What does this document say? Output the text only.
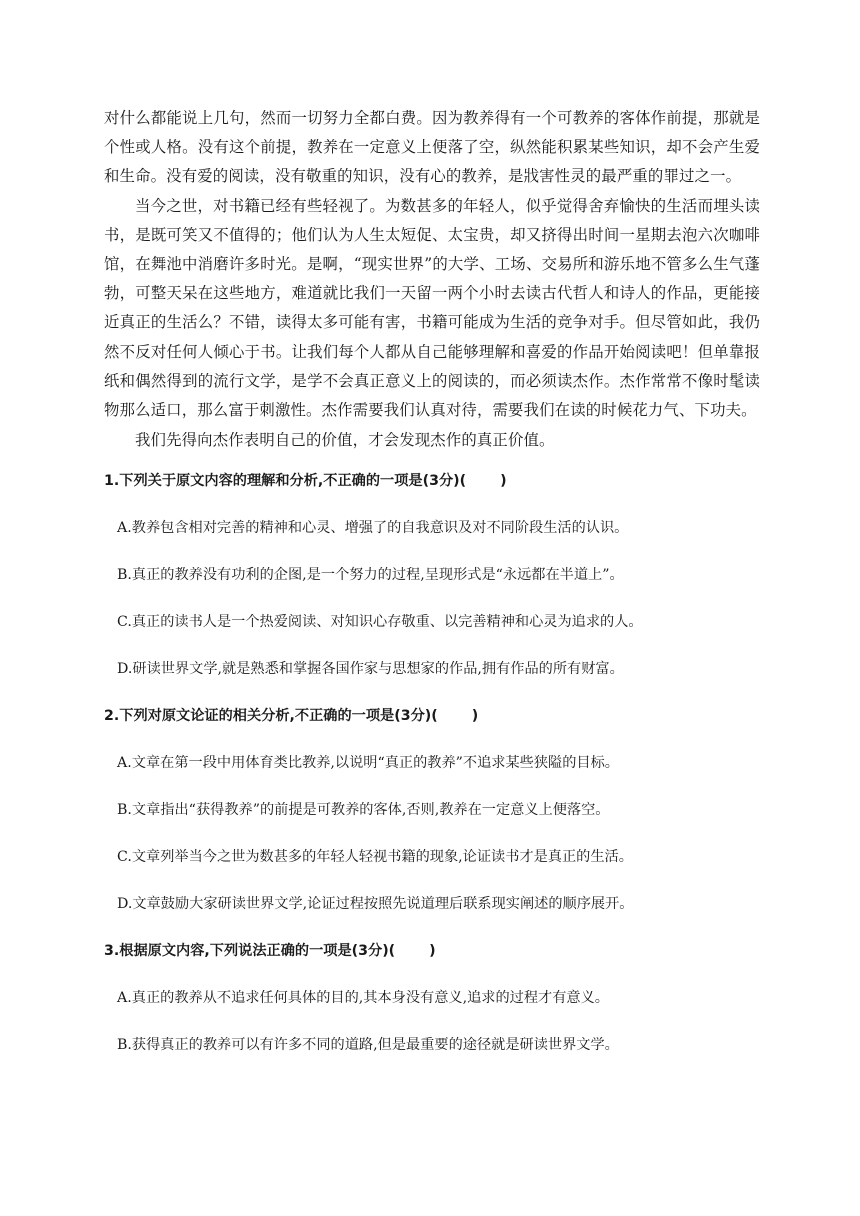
对什么都能说上几句，然而一切努力全都白费。因为教养得有一个可教养的客体作前提，那就是个性或人格。没有这个前提，教养在一定意义上便落了空，纵然能积累某些知识，却不会产生爱和生命。没有爱的阅读，没有敬重的知识，没有心的教养，是戕害性灵的最严重的罪过之一。

当今之世，对书籍已经有些轻视了。为数甚多的年轻人，似乎觉得舍弃愉快的生活而埋头读书，是既可笑又不值得的；他们认为人生太短促、太宝贵，却又挤得出时间一星期去泡六次咖啡馆，在舞池中消磨许多时光。是啊，“现实世界”的大学、工场、交易所和游乐地不管多么生气蓬勃，可整天呆在这些地方，难道就比我们一天留一两个小时去读古代哲人和诗人的作品，更能接近真正的生活么？不错，读得太多可能有害，书籍可能成为生活的竞争对手。但尽管如此，我仍然不反对任何人倾心于书。让我们每个人都从自己能够理解和喜爱的作品开始阅读吧！但单靠报纸和偶然得到的流行文学，是学不会真正意义上的阅读的，而必须读杰作。杰作常常不像时髦读物那么适口，那么富于刺激性。杰作需要我们认真对待，需要我们在读的时候花力气、下功夫。

我们先得向杰作表明自己的价值，才会发现杰作的真正价值。

1.下列关于原文内容的理解和分析,不正确的一项是(3分)( )

A.教养包含相对完善的精神和心灵、增强了的自我意识及对不同阶段生活的认识。

B.真正的教养没有功利的企图,是一个努力的过程,呈现形式是“永远都在半道上”。

C.真正的读书人是一个热爱阅读、对知识心存敬重、以完善精神和心灵为追求的人。

D.研读世界文学,就是熟悉和掌握各国作家与思想家的作品,拥有作品的所有财富。

2.下列对原文论证的相关分析,不正确的一项是(3分)( )

A.文章在第一段中用体育类比教养,以说明“真正的教养”不追求某些狭隘的目标。

B.文章指出“获得教养”的前提是可教养的客体,否则,教养在一定意义上便落空。

C.文章列举当今之世为数甚多的年轻人轻视书籍的现象,论证读书才是真正的生活。

D.文章鼓励大家研读世界文学,论证过程按照先说道理后联系现实阐述的顺序展开。

3.根据原文内容,下列说法正确的一项是(3分)( )

A.真正的教养从不追求任何具体的目的,其本身没有意义,追求的过程才有意义。

B.获得真正的教养可以有许多不同的道路,但是最重要的途径就是研读世界文学。
